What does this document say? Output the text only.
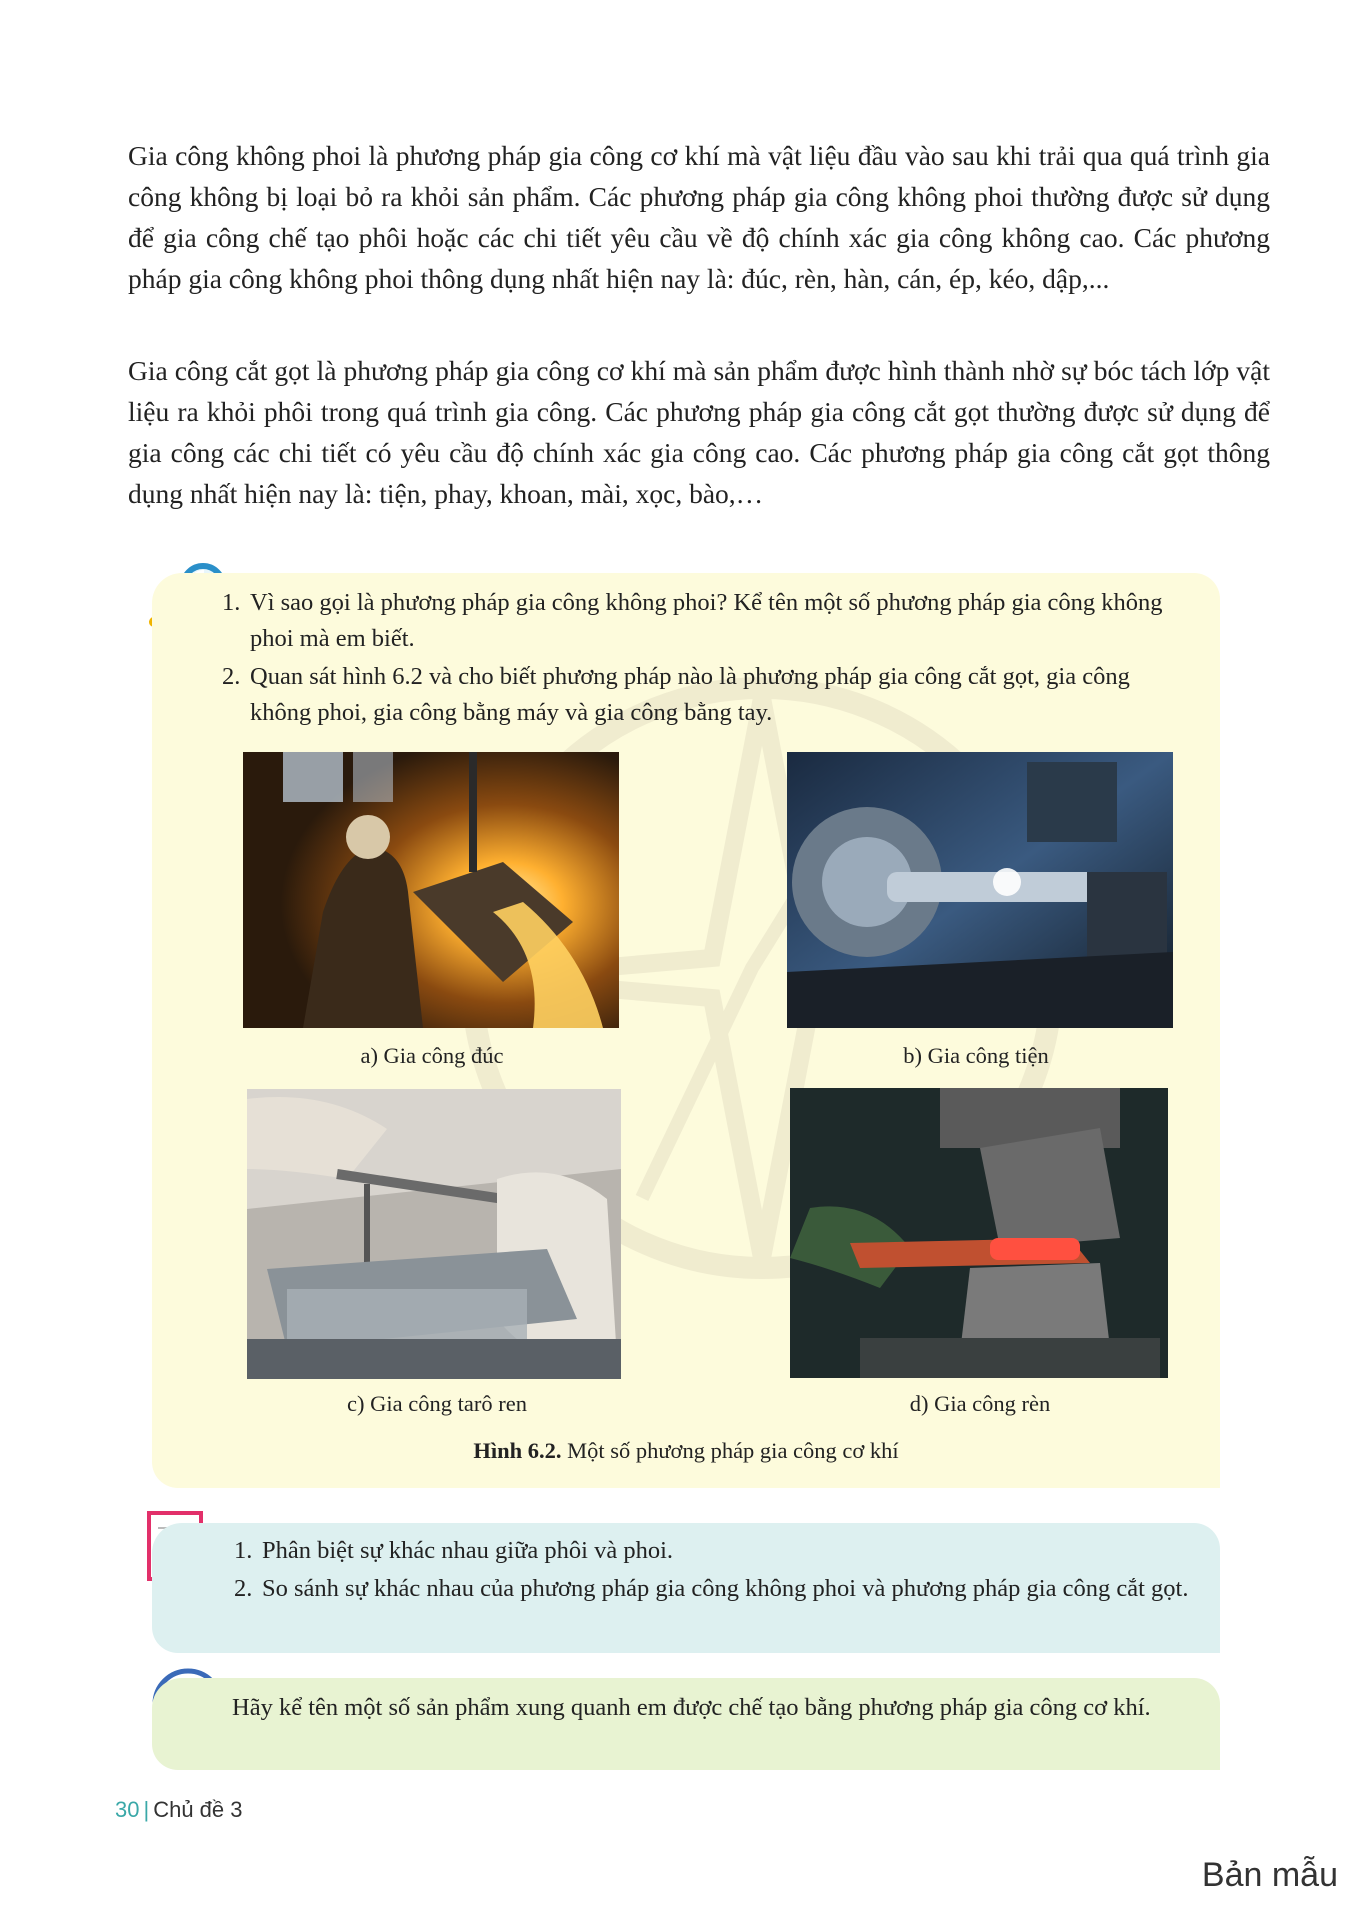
Gia công không phoi là phương pháp gia công cơ khí mà vật liệu đầu vào sau khi trải qua quá trình gia công không bị loại bỏ ra khỏi sản phẩm. Các phương pháp gia công không phoi thường được sử dụng để gia công chế tạo phôi hoặc các chi tiết yêu cầu về độ chính xác gia công không cao. Các phương pháp gia công không phoi thông dụng nhất hiện nay là: đúc, rèn, hàn, cán, ép, kéo, dập,...

Gia công cắt gọt là phương pháp gia công cơ khí mà sản phẩm được hình thành nhờ sự bóc tách lớp vật liệu ra khỏi phôi trong quá trình gia công. Các phương pháp gia công cắt gọt thường được sử dụng để gia công các chi tiết có yêu cầu độ chính xác gia công cao. Các phương pháp gia công cắt gọt thông dụng nhất hiện nay là: tiện, phay, khoan, mài, xọc, bào,…

1. Vì sao gọi là phương pháp gia công không phoi? Kể tên một số phương pháp gia công không phoi mà em biết.
2. Quan sát hình 6.2 và cho biết phương pháp nào là phương pháp gia công cắt gọt, gia công không phoi, gia công bằng máy và gia công bằng tay.
a) Gia công đúc	b) Gia công tiện
c) Gia công tarô ren	d) Gia công rèn
Hình 6.2. Một số phương pháp gia công cơ khí
1. Phân biệt sự khác nhau giữa phôi và phoi.
2. So sánh sự khác nhau của phương pháp gia công không phoi và phương pháp gia công cắt gọt.

Hãy kể tên một số sản phẩm xung quanh em được chế tạo bằng phương pháp gia công cơ khí.

30 | Chủ đề 3
Bản mẫu
